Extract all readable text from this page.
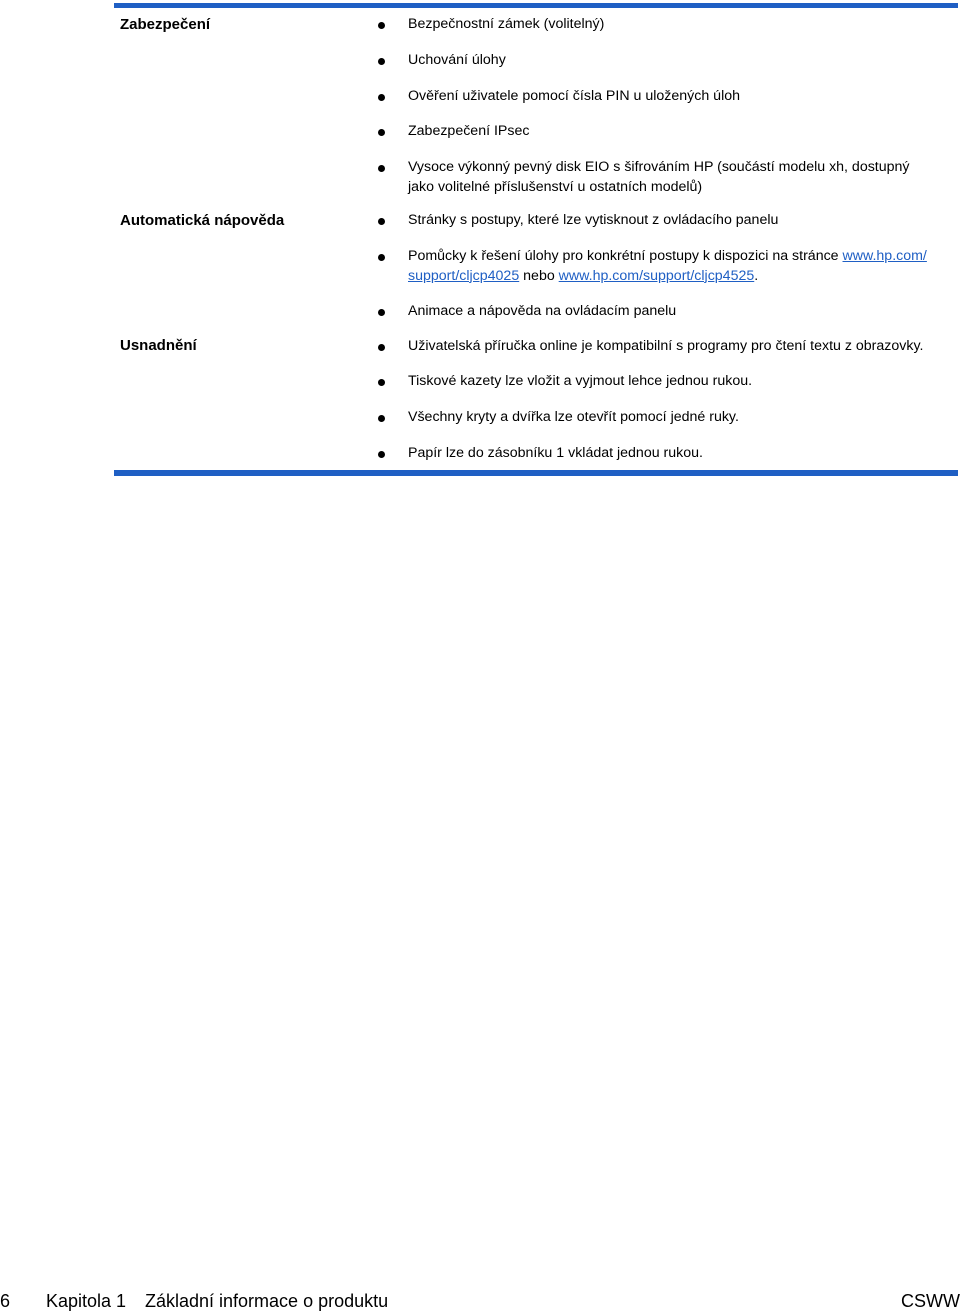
Zabezpečení	Bezpečnostní zámek (volitelný)
Uchování úlohy
Ověření uživatele pomocí čísla PIN u uložených úloh
Zabezpečení IPsec
Vysoce výkonný pevný disk EIO s šifrováním HP (součástí modelu xh, dostupný
jako volitelné příslušenství u ostatních modelů)
Automatická nápověda	Stránky s postupy, které lze vytisknout z ovládacího panelu
Pomůcky k řešení úlohy pro konkrétní postupy k dispozici na stránce www.hp.com/
support/cljcp4025 nebo www.hp.com/support/cljcp4525.
Animace a nápověda na ovládacím panelu
Usnadnění	Uživatelská příručka online je kompatibilní s programy pro čtení textu z obrazovky.
Tiskové kazety lze vložit a vyjmout lehce jednou rukou.
Všechny kryty a dvířka lze otevřít pomocí jedné ruky.
Papír lze do zásobníku 1 vkládat jednou rukou.
6 Kapitola 1 Základní informace o produktu	CSWW
